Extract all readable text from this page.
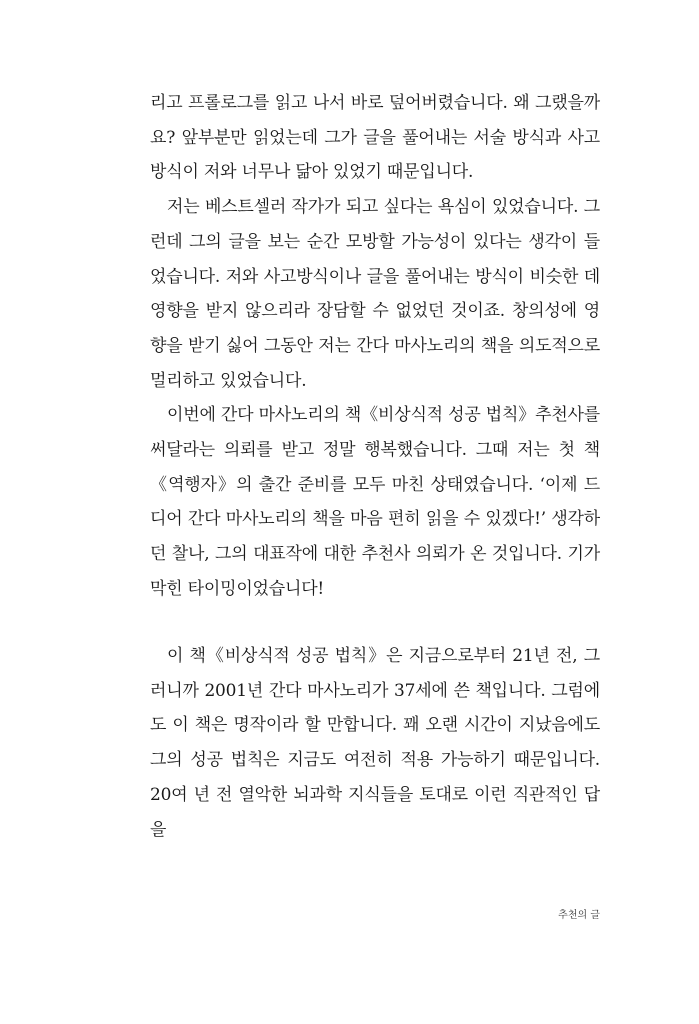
리고 프롤로그를 읽고 나서 바로 덮어버렸습니다. 왜 그랬을까요? 앞부분만 읽었는데 그가 글을 풀어내는 서술 방식과 사고방식이 저와 너무나 닮아 있었기 때문입니다.

저는 베스트셀러 작가가 되고 싶다는 욕심이 있었습니다. 그런데 그의 글을 보는 순간 모방할 가능성이 있다는 생각이 들었습니다. 저와 사고방식이나 글을 풀어내는 방식이 비슷한 데 영향을 받지 않으리라 장담할 수 없었던 것이죠. 창의성에 영향을 받기 싫어 그동안 저는 간다 마사노리의 책을 의도적으로 멀리하고 있었습니다.

이번에 간다 마사노리의 책《비상식적 성공 법칙》추천사를 써달라는 의뢰를 받고 정말 행복했습니다. 그때 저는 첫 책《역행자》의 출간 준비를 모두 마친 상태였습니다. ‘이제 드디어 간다 마사노리의 책을 마음 편히 읽을 수 있겠다!’ 생각하던 찰나, 그의 대표작에 대한 추천사 의뢰가 온 것입니다. 기가 막힌 타이밍이었습니다!

이 책《비상식적 성공 법칙》은 지금으로부터 21년 전, 그러니까 2001년 간다 마사노리가 37세에 쓴 책입니다. 그럼에도 이 책은 명작이라 할 만합니다. 꽤 오랜 시간이 지났음에도 그의 성공 법칙은 지금도 여전히 적용 가능하기 때문입니다. 20여 년 전 열악한 뇌과학 지식들을 토대로 이런 직관적인 답을

추천의 글
